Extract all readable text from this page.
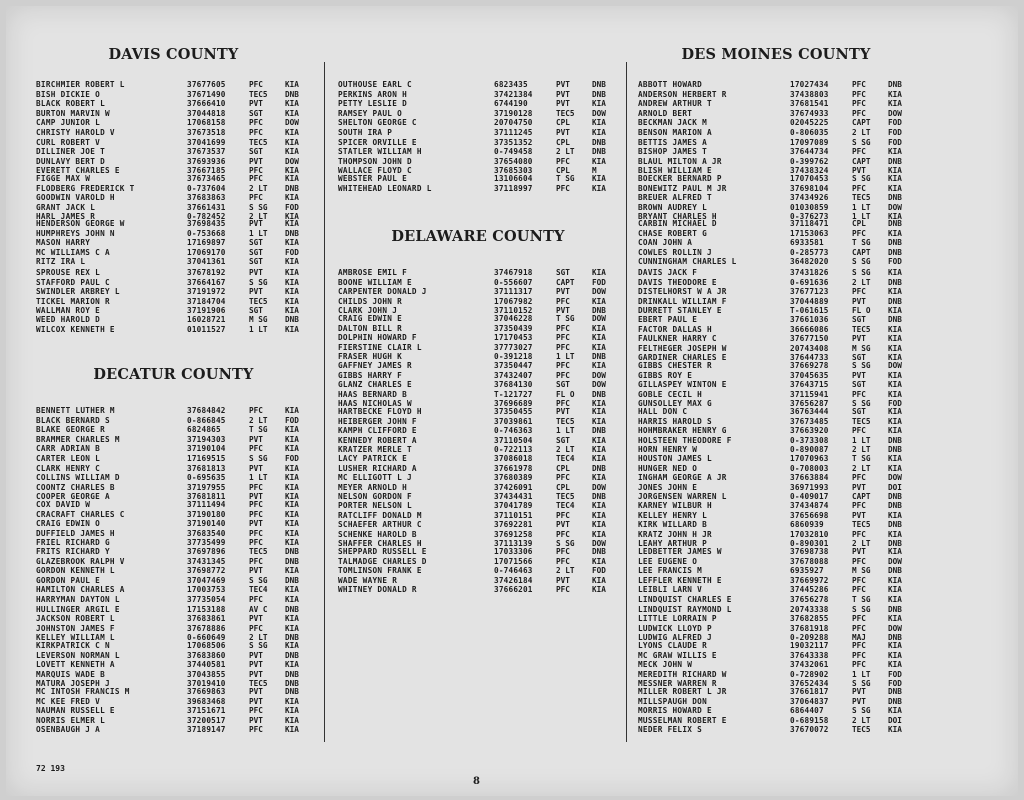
DAVIS COUNTY
BIRCHMIER ROBERT L	37677605	PFC	KIA
BISH DICKIE O	37671490	TEC5	DNB
BLACK ROBERT L	37666410	PVT	KIA
BURTON MARVIN W	37044818	SGT	KIA
CAMP JUNIOR L	17068158	PFC	DOW
CHRISTY HAROLD V	37673518	PFC	KIA
CURL ROBERT V	37041699	TEC5	KIA
DILLINER JOE T	37673537	SGT	KIA
DUNLAVY BERT D	37693936	PVT	DOW
EVERETT CHARLES E	37667185	PFC	KIA
FIGGE MAX W	37673465	PFC	KIA
FLODBERG FREDERICK T	0-737604	2 LT	DNB
GOODWIN VAROLD H	37683863	PFC	KIA
GRANT JACK L	37661431	S SG	FOD
HARL JAMES R	0-782452	2 LT	KIA
HENDERSON GEORGE W	37698435	PVT	KIA
HUMPHREYS JOHN N	0-753668	1 LT	DNB
MASON HARRY	17169897	SGT	KIA
MC WILLIAMS C A	17069170	SGT	FOD
RITZ IRA L	37041361	SGT	KIA
SPROUSE REX L	37678192	PVT	KIA
STAFFORD PAUL C	37664167	S SG	KIA
SWINDLER ARBREY L	37191972	PVT	KIA
TICKEL MARION R	37184704	TEC5	KIA
WALLMAN ROY E	37191906	SGT	KIA
WEED HAROLD D	16028721	M SG	DNB
WILCOX KENNETH E	01011527	1 LT	KIA
DECATUR COUNTY
BENNETT LUTHER M	37684842	PFC	KIA
BLACK BERNARD S	0-866845	2 LT	FOD
BLAKE GEORGE R	6824865	T SG	KIA
BRAMMER CHARLES M	37194303	PVT	KIA
CARR ADRIAN B	37190104	PFC	KIA
CARTER LEON L	17169515	S SG	FOD
CLARK HENRY C	37681813	PVT	KIA
COLLINS WILLIAM D	0-695635	1 LT	KIA
COONTZ CHARLES B	37197955	PFC	KIA
COOPER GEORGE A	37681811	PVT	KIA
COX DAVID W	37111494	PFC	KIA
CRACRAFT CHARLES C	37190180	PFC	KIA
CRAIG EDWIN O	37190140	PVT	KIA
DUFFIELD JAMES H	37683540	PFC	KIA
FRIEL RICHARD G	37735499	PFC	KIA
FRITS RICHARD Y	37697896	TEC5	DNB
GLAZEBROOK RALPH V	37431345	PFC	DNB
GORDON KENNETH L	37698772	PVT	KIA
GORDON PAUL E	37047469	S SG	DNB
HAMILTON CHARLES A	17003753	TEC4	KIA
HARRYMAN DAYTON L	37735054	PFC	KIA
HULLINGER ARGIL E	17153188	AV C	DNB
JACKSON ROBERT L	37683861	PVT	KIA
JOHNSTON JAMES F	37678886	PFC	KIA
KELLEY WILLIAM L	0-660649	2 LT	DNB
KIRKPATRICK C N	17068506	S SG	KIA
LEVERSON NORMAN L	37683860	PVT	DNB
LOVETT KENNETH A	37440581	PVT	KIA
MARQUIS WADE B	37043855	PVT	DNB
MATURA JOSEPH J	37019410	TEC5	DNB
MC INTOSH FRANCIS M	37669863	PVT	DNB
MC KEE FRED V	39683468	PVT	KIA
NAUMAN RUSSELL E	37151671	PFC	KIA
NORRIS ELMER L	37200517	PVT	KIA
OSENBAUGH J A	37189147	PFC	KIA
OUTHOUSE EARL C	6823435	PVT	DNB
PERKINS ARON H	37421384	PVT	DNB
PETTY LESLIE D	6744190	PVT	KIA
RAMSEY PAUL O	37190128	TEC5	DOW
SHELTON GEORGE C	20704750	CPL	KIA
SOUTH IRA P	37111245	PVT	KIA
SPICER ORVILLE E	37351352	CPL	DNB
STATLER WILLIAM H	0-749458	2 LT	DNB
THOMPSON JOHN D	37654080	PFC	KIA
WALLACE FLOYD C	37685303	CPL	M
WEBSTER PAUL E	13106604	T SG	KIA
WHITEHEAD LEONARD L	37118997	PFC	KIA
DELAWARE COUNTY
AMBROSE EMIL F	37467918	SGT	KIA
BOONE WILLIAM E	0-556607	CAPT	FOD
CARPENTER DONALD J	37111317	PVT	DOW
CHILDS JOHN R	17067982	PFC	KIA
CLARK JOHN J	37110152	PVT	DNB
CRAIG EDWIN E	37046228	T SG	DOW
DALTON BILL R	37350439	PFC	KIA
DOLPHIN HOWARD F	17170453	PFC	KIA
FIERSTINE CLAIR L	37773027	PFC	KIA
FRASER HUGH K	0-391218	1 LT	DNB
GAFFNEY JAMES R	37350447	PFC	KIA
GIBBS HARRY F	37432407	PFC	DOW
GLANZ CHARLES E	37684130	SGT	DOW
HAAS BERNARD B	T-121727	FL O	DNB
HAAS NICHOLAS W	37696689	PFC	KIA
HARTBECKE FLOYD H	37350455	PVT	KIA
HEIBERGER JOHN F	37039861	TEC5	KIA
KAMPH CLIFFORD E	0-746363	1 LT	DNB
KENNEDY ROBERT A	37110504	SGT	KIA
KRATZER MERLE T	0-722113	2 LT	KIA
LACY PATRICK E	37086018	TEC4	KIA
LUSHER RICHARD A	37661978	CPL	DNB
MC ELLIGOTT L J	37680389	PFC	KIA
MEYER ARNOLD H	37426091	CPL	DOW
NELSON GORDON F	37434431	TEC5	DNB
PORTER NELSON L	37041789	TEC4	KIA
RATCLIFF DONALD M	37110151	PFC	KIA
SCHAEFER ARTHUR C	37692281	PVT	KIA
SCHENKE HAROLD B	37691258	PFC	KIA
SHAFFER CHARLES H	37113139	S SG	DOW
SHEPPARD RUSSELL E	17033306	PFC	DNB
TALMADGE CHARLES D	17071566	PFC	KIA
TOMLINSON FRANK E	0-746463	2 LT	FOD
WADE WAYNE R	37426184	PVT	KIA
WHITNEY DONALD R	37666201	PFC	KIA
DES MOINES COUNTY
ABBOTT HOWARD	17027434	PFC	DNB
ANDERSON HERBERT R	37438803	PFC	KIA
ANDREW ARTHUR T	37681541	PFC	KIA
ARNOLD BERT	37674933	PFC	DOW
BECKMAN JACK M	02045225	CAPT	FOD
BENSON MARION A	0-806035	2 LT	FOD
BETTIS JAMES A	17097089	S SG	FOD
BISHOP JAMES T	37644734	PFC	KIA
BLAUL MILTON A JR	0-399762	CAPT	DNB
BLISH WILLIAM E	37438324	PVT	KIA
BOECKER BERNARD P	17070453	S SG	KIA
BONEWITZ PAUL M JR	37698104	PFC	KIA
BREUER ALFRED T	37434926	TEC5	DNB
BROWN AUDREY L	01030859	1 LT	DOW
BRYANT CHARLES H	0-376273	1 LT	KIA
CARBIN MICHAEL D	37118471	CPL	DNB
CHASE ROBERT G	17153063	PFC	KIA
COAN JOHN A	6933581	T SG	DNB
COWLES ROLLIN J	0-285773	CAPT	DNB
CUNNINGHAM CHARLES L	36482020	S SG	FOD
DAVIS JACK F	37431826	S SG	KIA
DAVIS THEODORE E	0-691636	2 LT	DNB
DISTELHORST W A JR	37677123	PFC	KIA
DRINKALL WILLIAM F	37044889	PVT	DNB
DURRETT STANLEY E	T-061615	FL O	KIA
EBERT PAUL E	37661036	SGT	DNB
FACTOR DALLAS H	36666086	TEC5	KIA
FAULKNER HARRY C	37677150	PVT	KIA
FELTHEGER JOSEPH W	20743408	M SG	KIA
GARDINER CHARLES E	37644733	SGT	KIA
GIBBS CHESTER R	37669278	S SG	DOW
GIBBS ROY E	37045635	PVT	KIA
GILLASPEY WINTON E	37643715	SGT	KIA
GOBLE CECIL H	37115941	PFC	KIA
GUNSOLLEY MAX G	37656287	S SG	FOD
HALL DON C	36763444	SGT	KIA
HARRIS HAROLD S	37673485	TEC5	KIA
HOHMBRAKER HENRY G	37663920	PFC	KIA
HOLSTEEN THEODORE F	0-373308	1 LT	DNB
HORN HENRY W	0-890087	2 LT	DNB
HOUSTON JAMES L	17070963	T SG	KIA
HUNGER NED O	0-708003	2 LT	KIA
INGHAM GEORGE A JR	37663884	PFC	DOW
JONES JOHN E	36971993	PVT	DOI
JORGENSEN WARREN L	0-409017	CAPT	DNB
KARNEY WILBUR H	37434874	PFC	DNB
KELLEY HENRY L	37656698	PVT	KIA
KIRK WILLARD B	6860939	TEC5	DNB
KRATZ JOHN H JR	17032810	PFC	KIA
LEAHY ARTHUR P	0-890301	2 LT	DNB
LEDBETTER JAMES W	37698738	PVT	KIA
LEE EUGENE O	37678088	PFC	DOW
LEE FRANCIS M	6935927	M SG	DNB
LEFFLER KENNETH E	37669972	PFC	KIA
LEIBLI LARN V	37445286	PFC	KIA
LINDQUIST CHARLES E	37656278	T SG	KIA
LINDQUIST RAYMOND L	20743338	S SG	DNB
LITTLE LORRAIN P	37682855	PFC	KIA
LUDWICK LLOYD P	37681918	PFC	DOW
LUDWIG ALFRED J	0-209288	MAJ	DNB
LYONS CLAUDE R	19032117	PFC	KIA
MC GRAW WILLIS E	37643338	PFC	KIA
MECK JOHN W	37432061	PFC	KIA
MEREDITH RICHARD W	0-728902	1 LT	FOD
MESSNER WARREN R	37652434	S SG	FOD
MILLER ROBERT L JR	37661817	PVT	DNB
MILLSPAUGH DON	37064837	PVT	DNB
MORRIS HOWARD E	6864407	S SG	KIA
MUSSELMAN ROBERT E	0-689158	2 LT	DOI
NEDER FELIX S	37670072	TEC5	KIA
72 193
8
